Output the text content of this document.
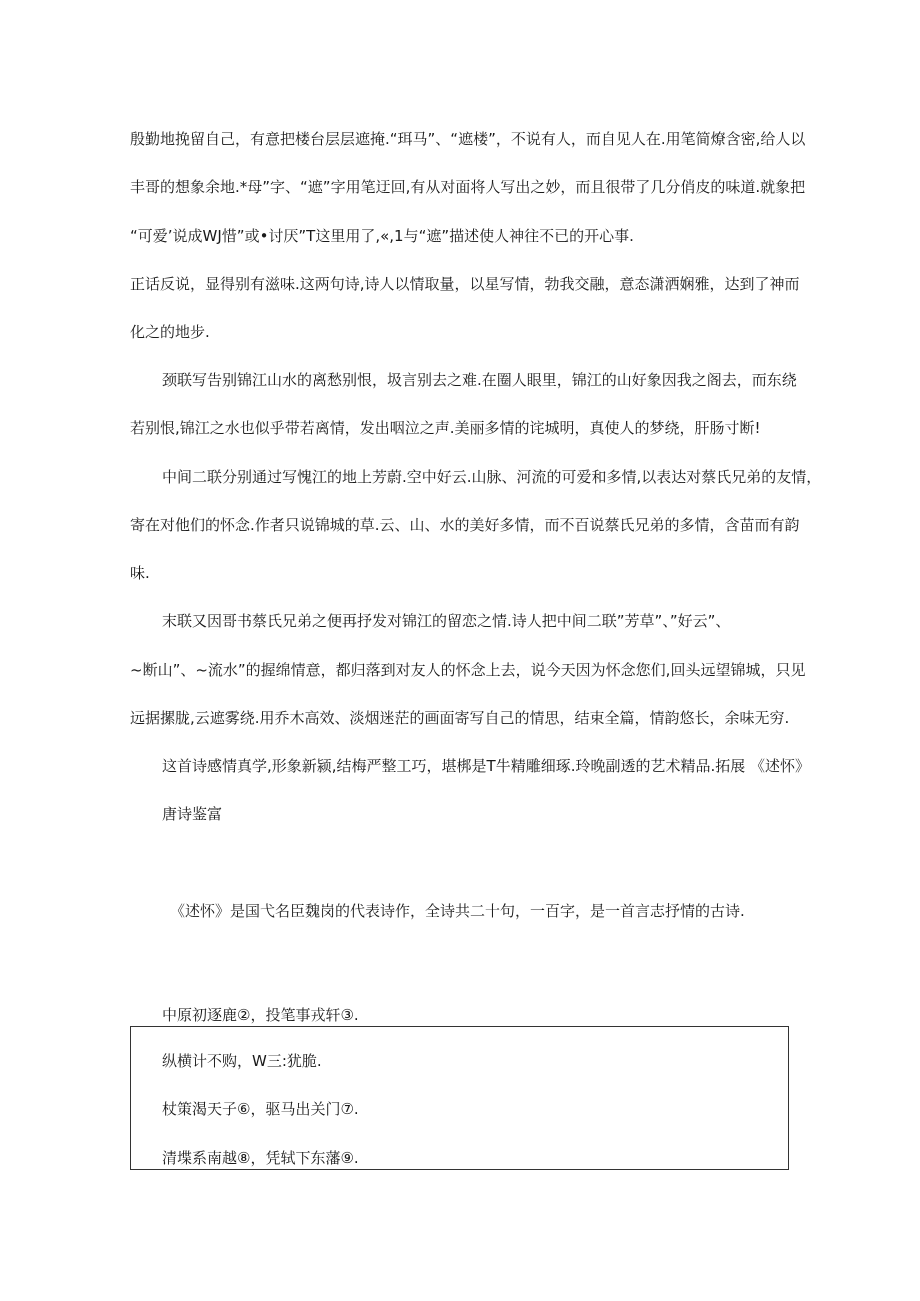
殷勤地挽留自己，有意把楼台层层遮掩.“珥马”、“遮楼”，不说有人，而自见人在.用笔简燎含密,给人以
丰哥的想象余地.*母”字、“遮”字用笔迂回,有从对面将人写出之妙，而且很带了几分俏皮的味道.就象把
“可爱’说成WJ惜”或•讨厌”T这里用了,«,1与“遮”描述使人神往不已的开心事.
正话反说，显得别有滋味.这两句诗,诗人以情取量，以星写情，勃我交融，意态潇洒娴雅，达到了神而
化之的地步.
颈联写告别锦江山水的离愁别恨，圾言别去之难.在圈人眼里，锦江的山好象因我之阁去，而东绕
若别恨,锦江之水也似乎带若离情，发出咽泣之声.美丽多情的诧城明，真使人的梦绕，肝肠寸断!
中间二联分别通过写愧江的地上芳蔚.空中好云.山脉、河流的可爱和多情,以表达对蔡氏兄弟的友情，
寄在对他们的怀念.作者只说锦城的草.云、山、水的美好多情，而不百说蔡氏兄弟的多情，含苗而有韵
味.
末联又因哥书蔡氏兄弟之便再抒发对锦江的留恋之情.诗人把中间二联”芳草”、”好云”、
~断山”、~流水”的握绵情意，都归落到对友人的怀念上去，说今天因为怀念您们,回头远望锦城，只见
远据摞胧,云遮雾绕.用乔木高效、淡烟迷茫的画面寄写自己的情思，结束全篇，情韵悠长，余味无穷.
这首诗感情真学,形象新颍,结梅严整工巧，堪梆是T牛精雕细琢.玲晚副透的艺术精品.拓展 《述怀》
唐诗鉴富
《述怀》是国弋名臣魏岗的代表诗作，全诗共二十句，一百字，是一首言志抒情的古诗.
中原初逐鹿②，投笔事戎轩③.
纵横计不购，W三:犹脆.
杖策渴天子⑥，驱马出关门⑦.
清堞系南越⑧，凭轼下东藩⑨.
